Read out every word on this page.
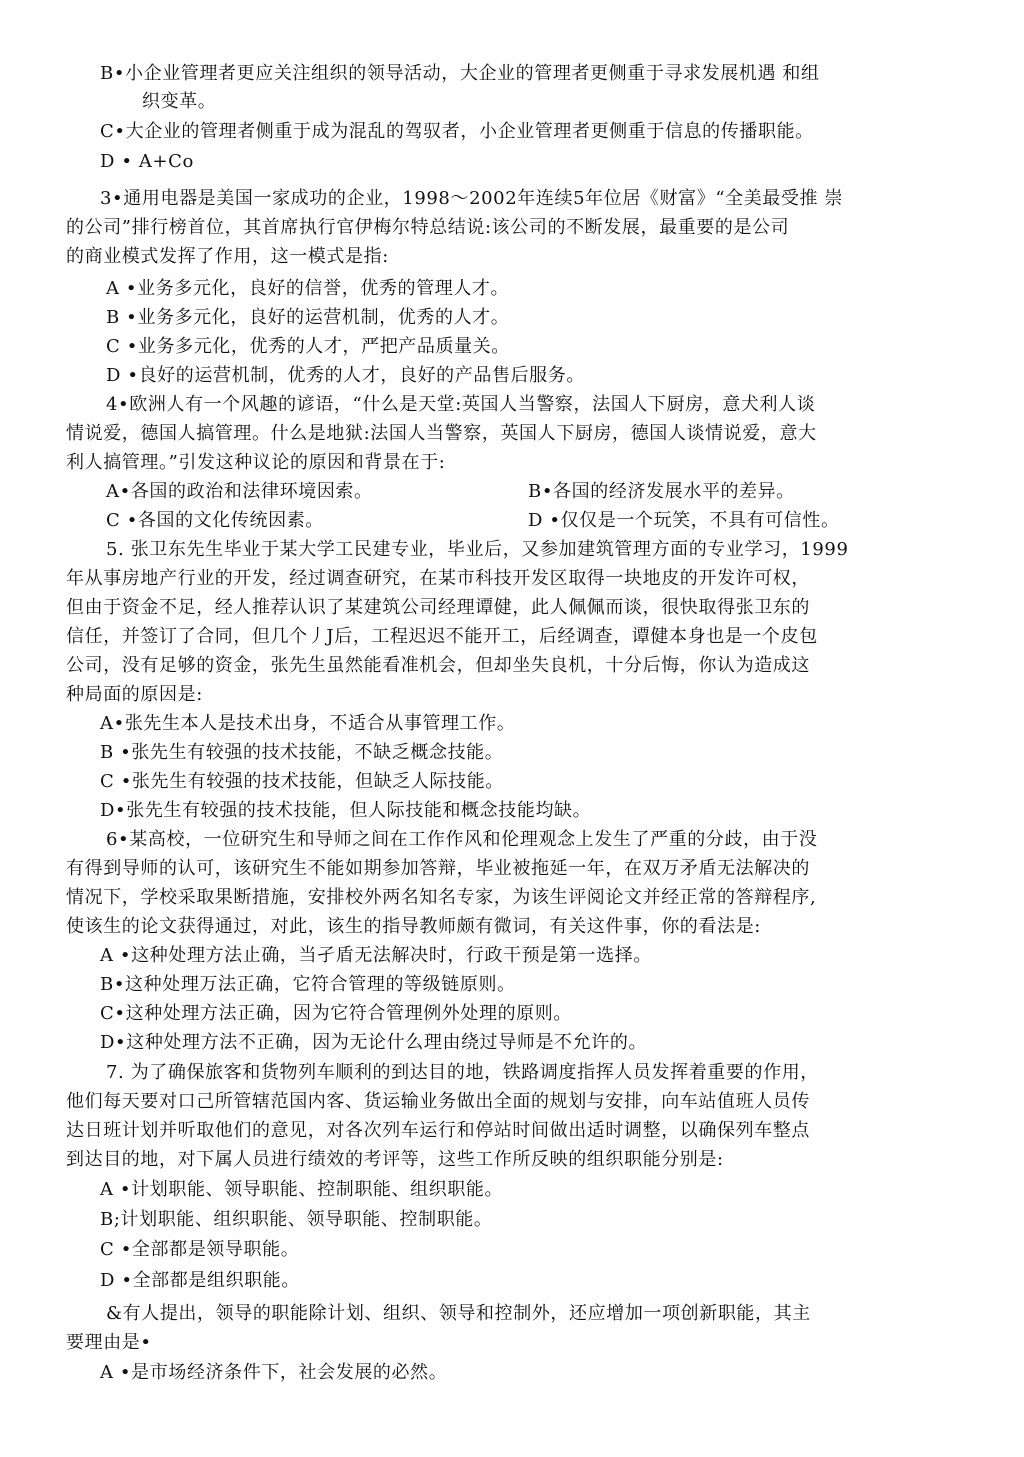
B•小企业管理者更应关注组织的领导活动，大企业的管理者更侧重于寻求发展机遇 和组
织变革。
C•大企业的管理者侧重于成为混乱的驾驭者，小企业管理者更侧重于信息的传播职能。
D • A+Co
3•通用电器是美国一家成功的企业，1998～2002年连续5年位居《财富》“全美最受推 崇
的公司”排行榜首位，其首席执行官伊梅尔特总结说:该公司的不断发展，最重要的是公司
的商业模式发挥了作用，这一模式是指:
A •业务多元化，良好的信誉，优秀的管理人才。
B •业务多元化，良好的运营机制，优秀的人才。
C •业务多元化，优秀的人才，严把产品质量关。
D •良好的运营机制，优秀的人才，良好的产品售后服务。
4•欧洲人有一个风趣的谚语，“什么是天堂:英国人当警察，法国人下厨房，意犬利人谈
情说爱，德国人搞管理。什么是地狱:法国人当警察，英国人下厨房，德国人谈情说爱，意大
利人搞管理。”引发这种议论的原因和背景在于:
A•各国的政治和法律环境因索。	B•各国的经济发展水平的差异。
C •各国的文化传统因素。	D •仅仅是一个玩笑，不具有可信性。
5. 张卫东先生毕业于某大学工民建专业，毕业后，又参加建筑管理方面的专业学习，1999
年从事房地产行业的开发，经过调查研究，在某市科技开发区取得一块地皮的开发许可权，
但由于资金不足，经人推荐认识了某建筑公司经理谭健，此人佩佩而谈，很快取得张卫东的
信任，并签订了合同，但几个丿J后，工程迟迟不能开工，后经调查，谭健本身也是一个皮包
公司，没有足够的资金，张先生虽然能看准机会，但却坐失良机，十分后悔，你认为造成这
种局面的原因是:
A•张先生本人是技术出身，不适合从事管理工作。
B •张先生有较强的技术技能，不缺乏概念技能。
C •张先生有较强的技术技能，但缺乏人际技能。
D•张先生有较强的技术技能，但人际技能和概念技能均缺。
6•某高校，一位研究生和导师之间在工作作风和伦理观念上发生了严重的分歧，由于没
有得到导师的认可，该研究生不能如期参加答辩，毕业被拖延一年，在双万矛盾无法解决的
情况下，学校采取果断措施，安排校外两名知名专家，为该生评阅论文并经正常的答辩程序,
使该生的论文获得通过，对此，该生的指导教师颇有微词，有关这件事，你的看法是:
A •这种处理方法止确，当孑盾无法解决时，行政干预是第一选择。
B•这种处理万法正确，它符合管理的等级链原则。
C•这种处理方法正确，因为它符合管理例外处理的原则。
D•这种处理方法不正确，因为无论什么理由绕过导师是不允许的。
7. 为了确保旅客和货物列车顺利的到达目的地，铁路调度指挥人员发挥着重要的作用，
他们每天要对口己所管辖范国内客、货运输业务做出全面的规划与安排，向车站值班人员传
达日班计划并听取他们的意见，对各次列车运行和停站时间做出适时调整，以确保列车整点
到达目的地，对下属人员进行绩效的考评等，这些工作所反映的组织职能分别是:
A •计划职能、领导职能、控制职能、组织职能。
B;计划职能、组织职能、领导职能、控制职能。
C •全部都是领导职能。
D •全部都是组织职能。
&有人提出，领导的职能除计划、组织、领导和控制外，还应增加一项创新职能，其主
要理由是•
A •是市场经济条件下，社会发展的必然。
